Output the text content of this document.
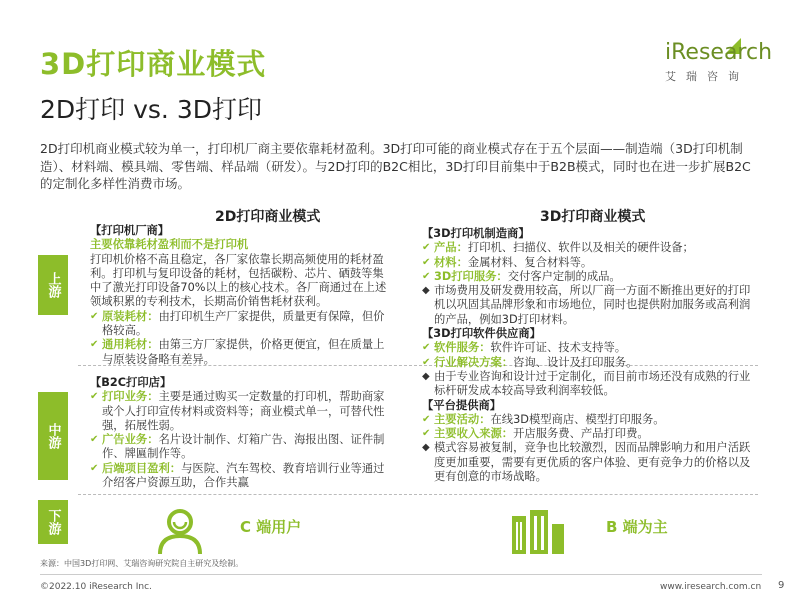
3D打印商业模式
2D打印 vs. 3D打印
iResearch
艾瑞咨询
2D打印机商业模式较为单一，打印机厂商主要依靠耗材盈利。3D打印可能的商业模式存在于五个层面——制造端（3D打印机制造）、材料端、模具端、零售端、样品端（研发）。与2D打印的B2C相比，3D打印目前集中于B2B模式，同时也在进一步扩展B2C的定制化多样性消费市场。
2D打印商业模式	3D打印商业模式
上游
中游
下游
【打印机厂商】
主要依靠耗材盈利而不是打印机
打印机价格不高且稳定，各厂家依靠长期高频使用的耗材盈利。打印机与复印设备的耗材，包括碳粉、芯片、硒鼓等集中了激光打印设备70%以上的核心技术。各厂商通过在上述领域积累的专利技术，长期高价销售耗材获利。
✔ 原装耗材：由打印机生产厂家提供，质量更有保障，但价格较高。
✔ 通用耗材：由第三方厂家提供，价格更便宜，但在质量上与原装设备略有差异。
【B2C打印店】
✔ 打印业务：主要是通过购买一定数量的打印机，帮助商家或个人打印宣传材料或资料等；商业模式单一，可替代性强，拓展性弱。
✔ 广告业务：名片设计制作、灯箱广告、海报出图、证件制作、牌匾制作等。
✔ 后端项目盈利：与医院、汽车驾校、教育培训行业等通过介绍客户资源互助，合作共赢
【3D打印机制造商】
✔ 产品：打印机、扫描仪、软件以及相关的硬件设备；
✔ 材料：金属材料、复合材料等。
✔ 3D打印服务：交付客户定制的成品。
◆ 市场费用及研发费用较高，所以厂商一方面不断推出更好的打印机以巩固其品牌形象和市场地位，同时也提供附加服务或高利润的产品，例如3D打印材料。
【3D打印软件供应商】
✔ 软件服务：软件许可证、技术支持等。
✔ 行业解决方案：咨询、设计及打印服务。
◆ 由于专业咨询和设计过于定制化，而目前市场还没有成熟的行业标杆研发成本较高导致利润率较低。
【平台提供商】
✔ 主要活动：在线3D模型商店、模型打印服务。
✔ 主要收入来源：开店服务费、产品打印费。
◆ 模式容易被复制，竞争也比较激烈，因而品牌影响力和用户活跃度更加重要，需要有更优质的客户体验、更有竞争力的价格以及更有创意的市场战略。
C 端用户	B 端为主
来源：中国3D打印网、艾瑞咨询研究院自主研究及绘制。
©2022.10 iResearch Inc.	www.iresearch.com.cn 9
